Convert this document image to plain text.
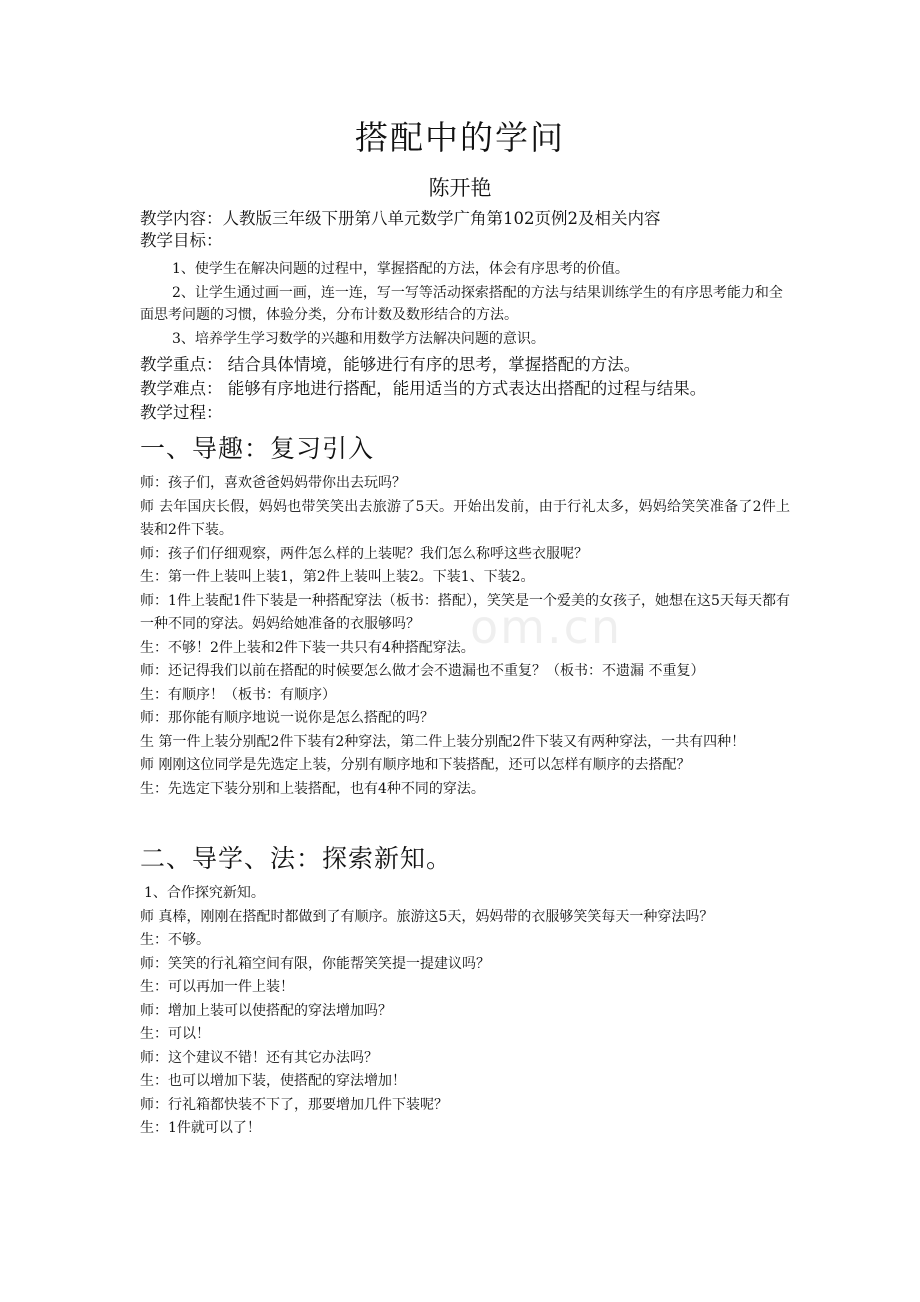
om.cn
搭配中的学问
陈开艳

教学内容：人教版三年级下册第八单元数学广角第102页例2及相关内容

教学目标：

1、使学生在解决问题的过程中，掌握搭配的方法，体会有序思考的价值。

2、让学生通过画一画，连一连，写一写等活动探索搭配的方法与结果训练学生的有序思考能力和全面思考问题的习惯，体验分类，分布计数及数形结合的方法。

3、培养学生学习数学的兴趣和用数学方法解决问题的意识。

教学重点： 结合具体情境，能够进行有序的思考，掌握搭配的方法。

教学难点： 能够有序地进行搭配，能用适当的方式表达出搭配的过程与结果。

教学过程：

一、导趣：复习引入

师：孩子们，喜欢爸爸妈妈带你出去玩吗？

师 去年国庆长假，妈妈也带笑笑出去旅游了5天。开始出发前，由于行礼太多，妈妈给笑笑准备了2件上装和2件下装。

师：孩子们仔细观察，两件怎么样的上装呢？我们怎么称呼这些衣服呢？

生：第一件上装叫上装1，第2件上装叫上装2。下装1、下装2。

师：1件上装配1件下装是一种搭配穿法（板书：搭配），笑笑是一个爱美的女孩子，她想在这5天每天都有一种不同的穿法。妈妈给她准备的衣服够吗？

生：不够！2件上装和2件下装一共只有4种搭配穿法。

师：还记得我们以前在搭配的时候要怎么做才会不遗漏也不重复？（板书：不遗漏 不重复）

生：有顺序！（板书：有顺序）

师：那你能有顺序地说一说你是怎么搭配的吗？

生 第一件上装分别配2件下装有2种穿法，第二件上装分别配2件下装又有两种穿法，一共有四种！

师 刚刚这位同学是先选定上装，分别有顺序地和下装搭配，还可以怎样有顺序的去搭配？

生：先选定下装分别和上装搭配，也有4种不同的穿法。

二、导学、法：探索新知。

1、合作探究新知。

师 真棒，刚刚在搭配时都做到了有顺序。旅游这5天，妈妈带的衣服够笑笑每天一种穿法吗？

生：不够。

师：笑笑的行礼箱空间有限，你能帮笑笑提一提建议吗？

生：可以再加一件上装！

师：增加上装可以使搭配的穿法增加吗？

生：可以！

师：这个建议不错！还有其它办法吗？

生：也可以增加下装，使搭配的穿法增加！

师：行礼箱都快装不下了，那要增加几件下装呢？

生：1件就可以了！
